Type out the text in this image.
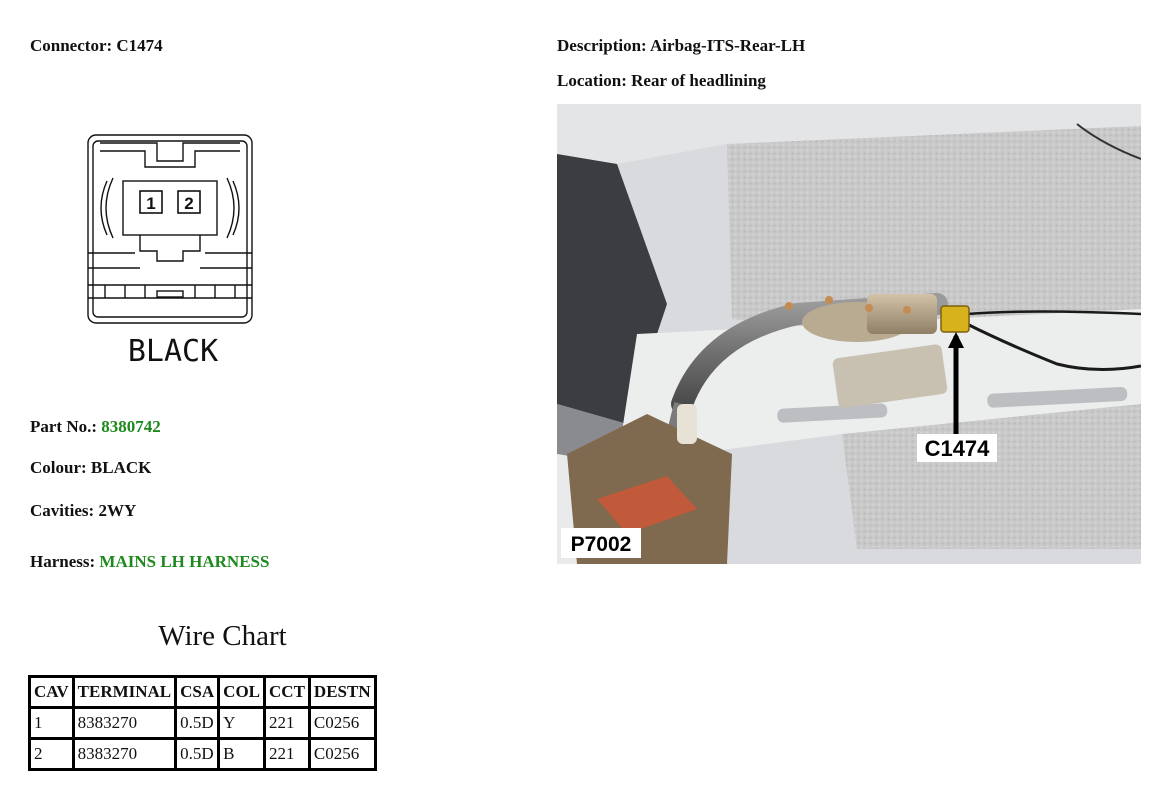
Connector: C1474	Description: Airbag-ITS-Rear-LH
Location: Rear of headlining
1 2
BLACK
Part No.: 8380742
Colour: BLACK
Cavities: 2WY
Harness: MAINS LH HARNESS
Wire Chart
CAV	TERMINAL	CSA	COL	CCT	DESTN
1	8383270	0.5D	Y	221	C0256
2	8383270	0.5D	B	221	C0256
C1474
P7002
